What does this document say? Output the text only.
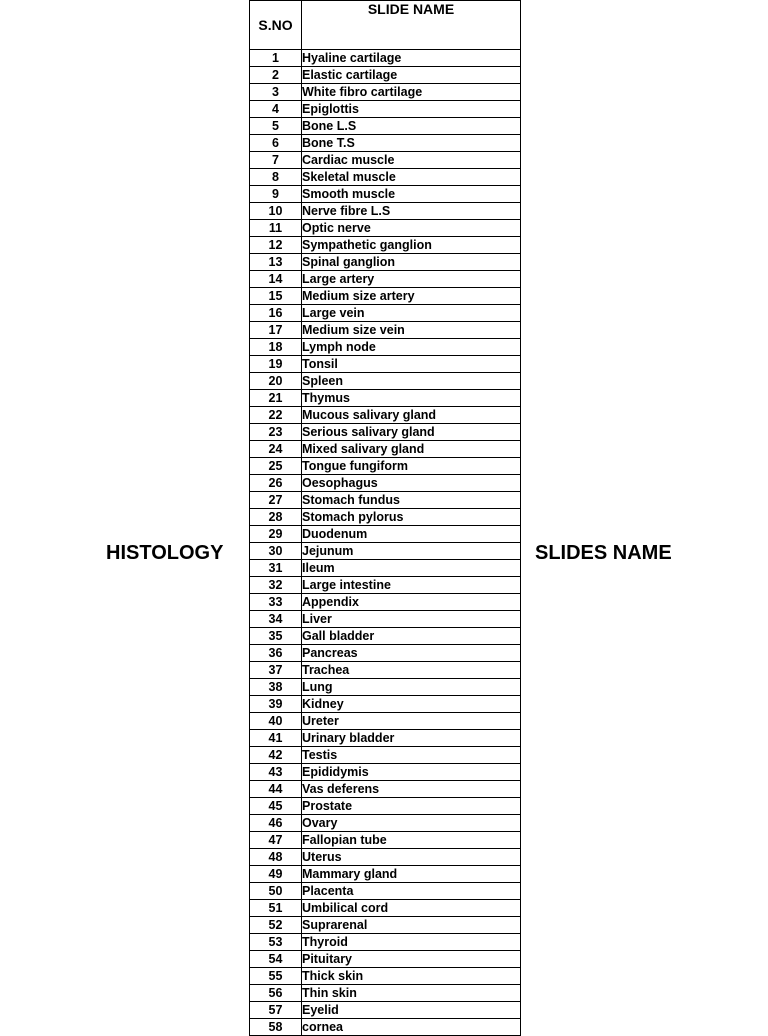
HISTOLOGY	SLIDES NAME
S.NO	SLIDE NAME
1	Hyaline cartilage
2	Elastic cartilage
3	White fibro cartilage
4	Epiglottis
5	Bone L.S
6	Bone T.S
7	Cardiac muscle
8	Skeletal muscle
9	Smooth muscle
10	Nerve fibre L.S
11	Optic nerve
12	Sympathetic ganglion
13	Spinal ganglion
14	Large artery
15	Medium size artery
16	Large vein
17	Medium size vein
18	Lymph node
19	Tonsil
20	Spleen
21	Thymus
22	Mucous salivary gland
23	Serious salivary gland
24	Mixed salivary gland
25	Tongue fungiform
26	Oesophagus
27	Stomach fundus
28	Stomach pylorus
29	Duodenum
30	Jejunum
31	Ileum
32	Large intestine
33	Appendix
34	Liver
35	Gall bladder
36	Pancreas
37	Trachea
38	Lung
39	Kidney
40	Ureter
41	Urinary bladder
42	Testis
43	Epididymis
44	Vas deferens
45	Prostate
46	Ovary
47	Fallopian tube
48	Uterus
49	Mammary gland
50	Placenta
51	Umbilical cord
52	Suprarenal
53	Thyroid
54	Pituitary
55	Thick skin
56	Thin skin
57	Eyelid
58	cornea
